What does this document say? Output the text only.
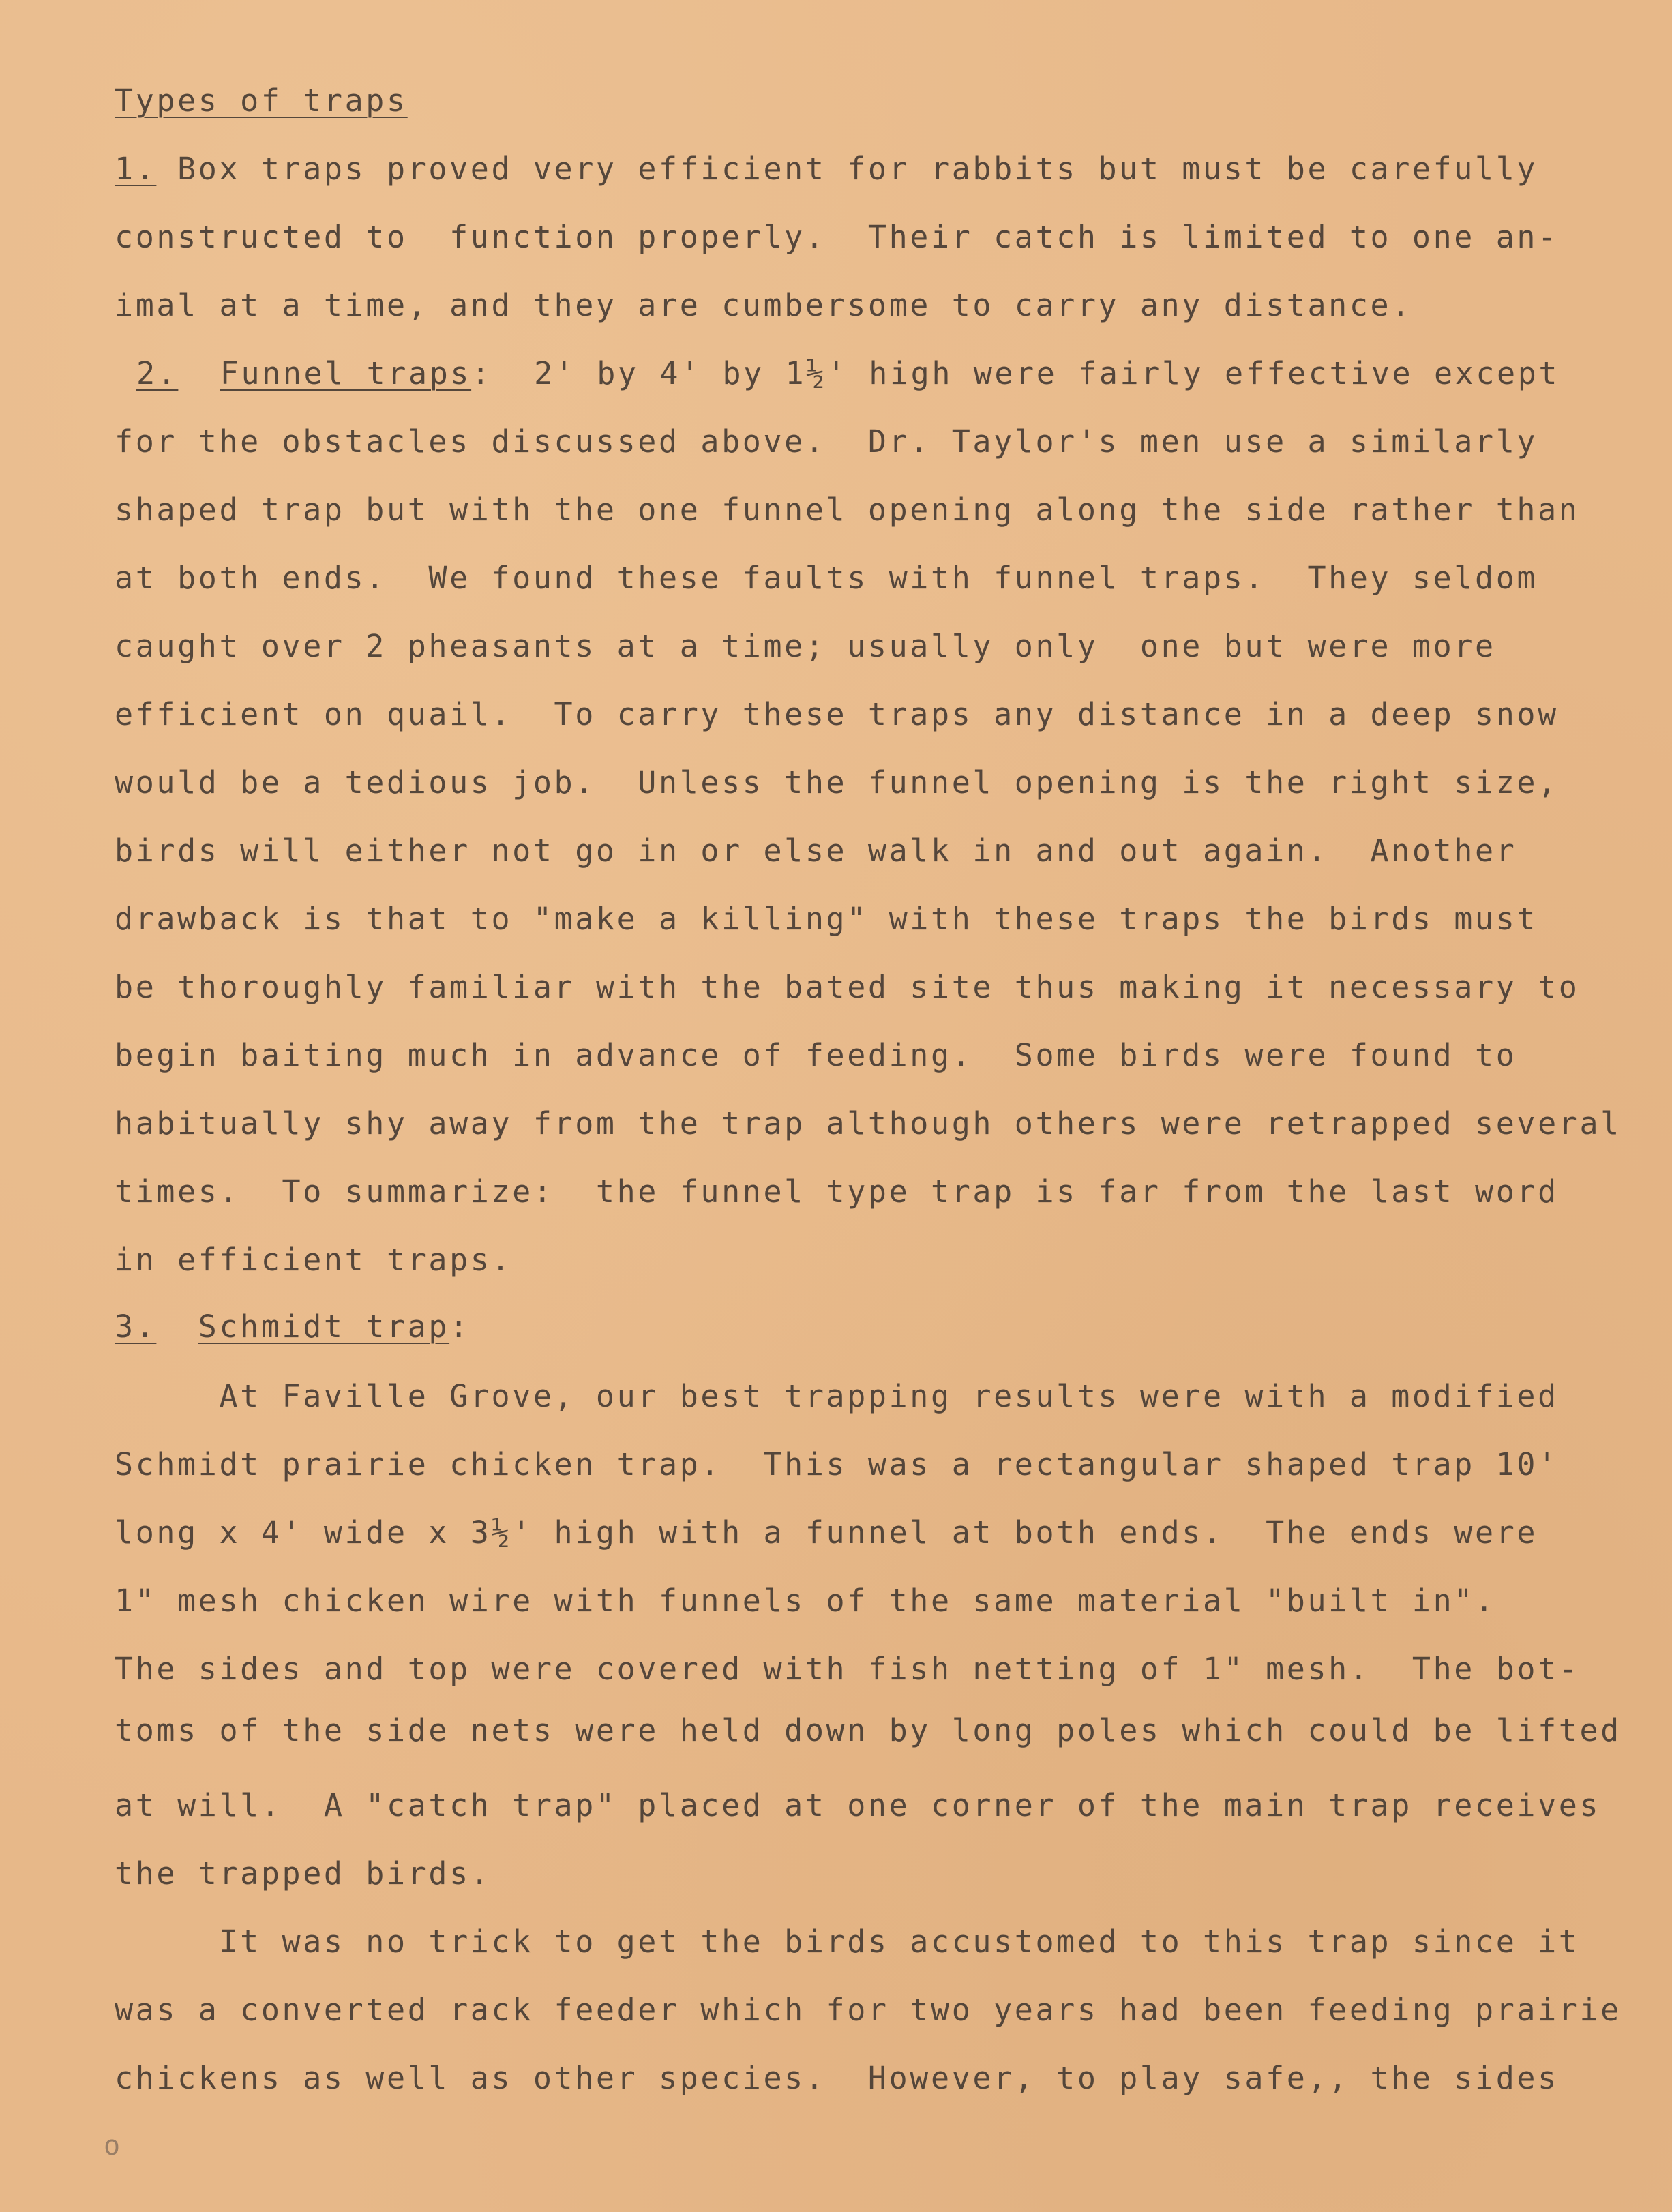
Types of traps
1. Box traps proved very efficient for rabbits but must be carefully
constructed to  function properly.  Their catch is limited to one an-
imal at a time, and they are cumbersome to carry any distance.
2. Funnel traps:  2' by 4' by 1½' high were fairly effective except
for the obstacles discussed above.  Dr. Taylor's men use a similarly
shaped trap but with the one funnel opening along the side rather than
at both ends.  We found these faults with funnel traps.  They seldom
caught over 2 pheasants at a time; usually only  one but were more
efficient on quail.  To carry these traps any distance in a deep snow
would be a tedious job.  Unless the funnel opening is the right size,
birds will either not go in or else walk in and out again.  Another
drawback is that to "make a killing" with these traps the birds must
be thoroughly familiar with the bated site thus making it necessary to
begin baiting much in advance of feeding.  Some birds were found to
habitually shy away from the trap although others were retrapped several
times.  To summarize:  the funnel type trap is far from the last word
in efficient traps.
3. Schmidt trap:
At Faville Grove, our best trapping results were with a modified
Schmidt prairie chicken trap.  This was a rectangular shaped trap 10'
long x 4' wide x 3½' high with a funnel at both ends.  The ends were
1" mesh chicken wire with funnels of the same material "built in".
The sides and top were covered with fish netting of 1" mesh.  The bot-
toms of the side nets were held down by long poles which could be lifted
at will.  A "catch trap" placed at one corner of the main trap receives
the trapped birds.
It was no trick to get the birds accustomed to this trap since it
was a converted rack feeder which for two years had been feeding prairie
chickens as well as other species.  However, to play safe,, the sides
o
